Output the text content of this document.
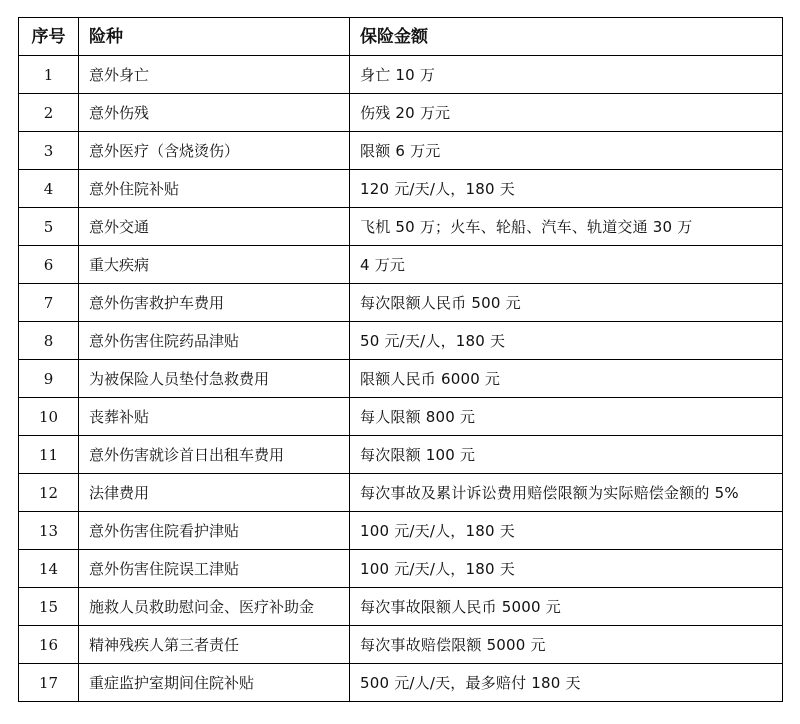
序号	险种	保险金额
1	意外身亡	身亡 10 万
2	意外伤残	伤残 20 万元
3	意外医疗（含烧烫伤）	限额 6 万元
4	意外住院补贴	120 元/天/人，180 天
5	意外交通	飞机 50 万；火车、轮船、汽车、轨道交通 30 万
6	重大疾病	4 万元
7	意外伤害救护车费用	每次限额人民币 500 元
8	意外伤害住院药品津贴	50 元/天/人，180 天
9	为被保险人员垫付急救费用	限额人民币 6000 元
10	丧葬补贴	每人限额 800 元
11	意外伤害就诊首日出租车费用	每次限额 100 元
12	法律费用	每次事故及累计诉讼费用赔偿限额为实际赔偿金额的 5%
13	意外伤害住院看护津贴	100 元/天/人，180 天
14	意外伤害住院误工津贴	100 元/天/人，180 天
15	施救人员救助慰问金、医疗补助金	每次事故限额人民币 5000 元
16	精神残疾人第三者责任	每次事故赔偿限额 5000 元
17	重症监护室期间住院补贴	500 元/人/天，最多赔付 180 天
